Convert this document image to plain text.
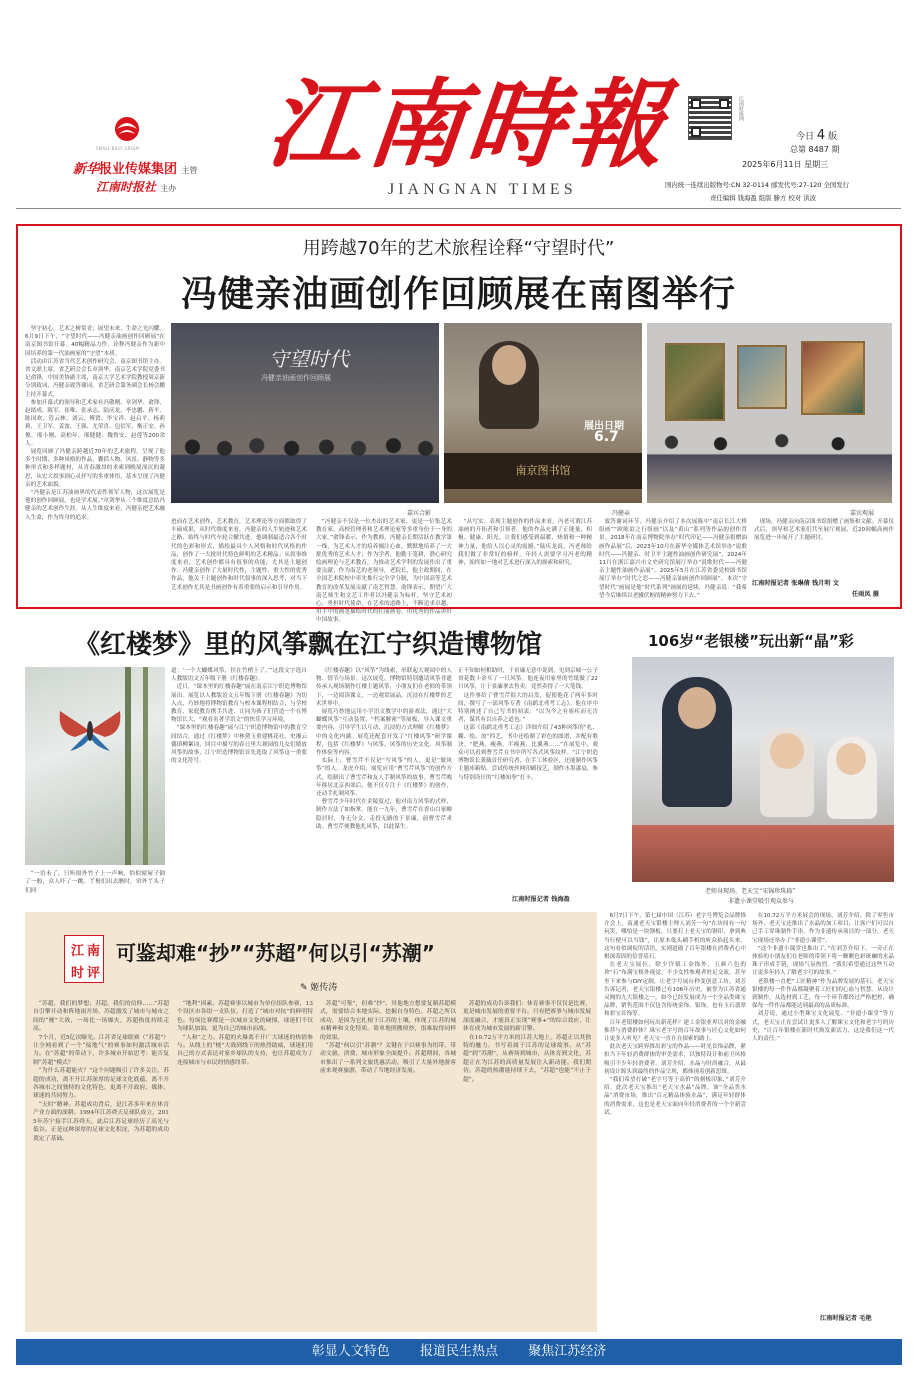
SMALL BILLY GROUP
新华报业传媒集团 主管
江南时报社 主办
江南時報
JIANGNAN TIMES
江南时报网
今日 4 版
总第 8487 期
2025年6月11日 星期三
国内统一连续出版物号:CN 32-0114 邮发代号:27-120 全国发行
责任编辑 钱海盈 组版 滕方 校对 洪波
用跨越70年的艺术旅程诠释“守望时代”
冯健亲油画创作回顾展在南图举行
守望时代
冯健亲油画创作回顾展
嘉宾合影
展出日期
6.7
南京图书馆
冯健亲	嘉宾观展

坚守初心，艺术之树常青；展望未来，生命之光闪耀。6月9日下午，“守望时代——冯健亲油画创作回顾展”在南京图书馆开幕。40幅精品力作，诠释冯健亲作为新中国培养的第一代油画家的“守望”本质。

活动由江苏省当代艺术创作研究会、南京图书馆主办。省文联主席，省艺研会会长章剑华，南京艺术学院党委书记俞锋，中国美协副主席，南京大学艺术学院教授周京新分别致词，冯健亲致答谢词。省艺研会第务副会长杨会鹏主持开幕式。

参加开幕式的领导和艺术家有冯敬刚、章剑华、俞锋、赵绪成、陈军、崔唯、张承志、陆庆龙、李忠鹏、蒋平、陈国欢、管云林、刘云、傅贤、毕宝祥、赵启平、杨莉莉、王卫军、姜波、王强、尤荣喜、包信军、衡正安、孙俊、邢小刚、高柏年、邢健健、魏鲁安、赵莲等200余人。

展览回顾了冯健亲跨越近70年的艺术旅程，呈现了他多个时期、多种风格的作品，囊括人物、风景、静物等多种形式和多样题材，从青春激昂的求索到晚境深沉的凝思，从宏大叙事到心灵抒写的多重体悟，基本呈现了冯健亲的艺术面貌。

“冯健亲是江苏油画界的代表性领军人物，这次展览是他的创作回顾展，也是学术展。”章剑华从三个维度总结冯健亲的艺术创作生涯。从人生维度来看，冯健亲把艺术融入生命，作为终身的追求。

进而在艺术创作，艺术教育，艺术理论等方面都取得了丰硕成果，从时代维度来看，冯健亲的人生轨迹和艺术之路，始终与时代车轮合辙共进，他调制最适合各个时代的色彩和形式，描绘最具个人风格和时代风格的作品，创作了一大批时代特色鲜明的艺术精品；从叙事维度来看，艺术创作都具有叙事的功能，尤其是主题创作。冯健亲创作了大量时代性，主题性，重大性的优秀作品，他关于主题创作和时代叙事的深入思考，对当下艺术创作尤其是书画创作有着重要的启示和引导作用。

“冯健亲不仅是一位杰出的艺术家，更是一位集艺术教育家、高校管理者和艺术理论家等多重身份于一身的大家。”俞锋表示，作为教师，冯健亲长期活跃在教学第一线，为艺术人才的培养倾注心血，默默地培养了一大批优秀的艺术人才；作为学者，他勤于笔耕，潜心研究绘画理论与艺术教育，为推动艺术学科的发展作出了重要贡献；作为南艺的老领导，老院长，他主政期间，在全国艺术院校中率先推行完全学分制，为中国高等艺术教育的改革发展贡献了南艺智慧。俞锋表示，期望广大南艺师生和文艺工作者以冯健亲为标杆，坚守艺术初心，勇担时代使命，在艺术的道路上，不断追求卓越，用手中的画笔描绘时代的壮丽画卷，用优秀的作品讲好中国故事。

“从写实、表现主题创作的作品来看，冯老可谓江苏油画的开拓者和引领者。他的作品充满了正能量，积极、健康、阳光，让我们感受到温暖、热情和一种精神力量，他给人以心灵的震撼。”陆庆龙说，冯老师给我们做了非常好的榜样，年轻人需要学习冯老的精神，始终如一地对艺术进行深入的探索和研究。

致答谢词环节，冯健亲介绍了本次展陈中“南京长江大桥组画”“欧陈谊之行组画”以及“黄山”系列等作品的创作背景。2018年在南京博物院举办“时代印记——冯健亲捐赠油画作品展”后，2023年10月在新华全媒体艺术馆举办“说歌时代——冯健亲、时卫平主题性油画创作研究展”，2024年11月在浙江嘉兴市文史研究馆展厅举办“说歌时代——冯健亲主题性油画作品展”，2025年5月在江苏省委党校图书馆展厅举办“时代之恋——冯健亲油画创作回顾展”。本次“守望时代”画展是他“时代系列”画展的延续，冯健亲说：“我希望今后继续以老骥伏枥的精神努力下去。”

现场，冯健亲向南京图书馆捐赠了画集和文献。开幕仪式后，领导和艺术家们共至展厅观展，近20间幅高画作展览进一步展开了主题研讨。

江南时报记者 张琳倩 钱月明 文
任雨凤 摄
《红楼梦》里的风筝飘在江宁织造博物馆
“一语未了，只听窗外竹子上一声响，恰似窗屉子倒了一般，众人吓了一跳。丫鬟们出去瞧时，帘外丫头子们回

道：‘一个大蝴蝶风筝，挂在竹梢上了。’”这段文字选自人教版语文五年级下册《红楼春趣》。

近日，“课本里的红楼春趣”展在南京江宁织造博物馆展出。展览以人教版语文五年级下册《红楼春趣》为切入点，巧妙地将博物馆教育与校本课程相结合，与学校教育、家庭教育携手共进，让同为孩子们营造一个在博物馆长大、“观看名著学语文”的快乐学习环境。

“课本里的红楼春趣”展与江宁织造博物馆中的教育空间结合，通过《红楼梦》中林黛玉重建桃花社、史湘云偶填柳絮词、回目中描写的春日里大观园的儿女们嬉放风筝的故事，江宁织造博物馆首先选取了风筝这一重要的文化符号。

《红楼春趣》以“风筝”为线索，串联起大观园中的人物、情节与场景。这次展览，博物馆特别邀请风筝非遗传承人现场制作红楼主题风筝，小朋友们在老师的带领下，一边阅读课文，一边观赏展品，沉浸在红楼梦的艺术世界中。

展览巧妙地运用小学语文教学中的游戏法，通过“大蝴蝶风筝”互动装置、“档案解密”等展板，导入课文重要内容，引导学生以互动、沉浸的方式理解《红楼梦》中的文化内涵。展览还配套开发了“红楼风筝”研学课程，包括《红楼梦》与风筝、风筝的历史文化、风筝制作体验等内容。

实际上，曹雪芹不仅是“写风筝”的人，更是“做风筝”的人。龙虎介绍，展览应用“曹雪芹风筝”的创作方式，绘制出了曹雪芹和友人手制风筝的故事。曹雪芹晚年移居北京西郊后，他不仅专注于《红楼梦》的创作，还动手扎制风筝。

曹雪芹少年时代在金陵度过，他对南方风筝的式样，制作方法了如指掌。能在一九年，曹雪芹在香山白家疃隐居时，身无分文，走投无路的于景廉，前曹雪芹求助。曹雪芹便教他扎风筝，以此谋生。

正不知如何相助时，于景廉无意中说到，见到京城一公子哥花数十金买了一只风筝。他连夜用家里的竹纸做了22只风筝，让于景廉拿去售卖，竟然卖得了一大笔钱。

这件事给了曹雪芹很大的启发，促使他花了两年多时间，撰写了一部风筝专著《南鹞北鸢考工志》。他在序中特别阐述了自己写书的初衷：“以为今之有废疾而无告者，谋其有以自养之道也。”

这部《南鹞北鸢考工志》详细介绍了43种风筝的“扎、糊、绘、放”四艺，书中还绘制了彩色的图谱，并配有歌诀。“肥燕、瘦燕、半瘦燕、比翼燕……”在展览中，观众可以看到曹雪芹在书中所写各式风筝纹样。“江宁织造博物馆长龚薇首任研究者，在手工体验区，还能制作风筝主题冰箱贴，尝试传统丝网印刷技艺，制作水墨漆扇，参与特别设计的“红楼知拳”打卡。

江南时报记者 钱海盈
106岁“老银楼”玩出新“晶”彩
老师身现场，老天宝“宋锦珍珠扁”
非遗小课堂吸引观众参与

6月7日下午，第七届中国（江苏）老字号博览会品牌推介会上，南通老天宝银楼主理人刘芳一句“在坊间有一句玩笑，哪怕是一块钢板，只要打上老天宝的钢印，拿到典当行便可以当钱”，让原本低头刷手机的听众抬起头来。这句看似调侃的话语，实则道破了百年银楼在消费者心中根深蒂固的信誉基石。

在老天宝展位，除少许镇工金饰外，五颜六色的珍“石”布满宝格外视觉。不少女性参观者驻足交流，甚至坐下来参与DIY定制，让老字号展台秒变创意工坊。刘芳告诉记者，老天宝银楼已有106年历史，被誉为江苏省通灵阁的九大银楼之一。如今已经发展成为一个全品类珠宝品牌，销售范围不仅包含传统金饰、银饰，也有玉石翡翠和彩宝首饰等。

百年老银楼如何玩出新花样？建工金银业界以对的金融推荐与消费群体？珠宝老字号的百年故事与匠心文化如何让更多人听见？老天宝一直在在探索的路上。

此次老天宝跨界推出彩宝的作品——时光首饰品牌，紧扣当下年轻消费群体的审美需求，以独特设计和前卫风格吸引不少年轻消费者。刘芳介绍，水晶与时尚融合，从最初设计源头到最终的作品呈现，都体现着创新思维。

“我们希望打破“老字号等于高价”的刻板印象，”刘芳介绍，此次老天宝推出“老天宝水晶”品牌，该“全品类水晶”消费市场，推出“百元精品体验水晶”，满足年轻群体的消费需求，这也是老天宝面向年轻消费者的一个全新尝试。

在10.72万平方米展会的现场，刘芳介绍，除了零售市场外，老天宝还推出了水晶的加工项目，让客户们可以自己手工穿珠制作手串。作为非遗传承项目的一部分，老天宝现场还举办了“非遗小课堂”。

“这个非遗小课堂也推出了。”在刘芳介绍下，一旁正在体验的小朋友们在老师的带领下将一颗颗色彩斑斓的水晶珠子串成手链，现场气氛热烈。“我们希望通过这些互动让更多年轻人了解老字号的故事。”

老银楼一直把“工匠精神”作为品牌发展的基石。老天宝银楼的每一件作品都凝聚着工匠们的心血与智慧。从设计到制作，从选材到工艺，每一个环节都经过严格把控，确保每一件作品都能达到最高的品质标准。

刘芳说，通过小型珠宝文化展览、“非遗小课堂”等方式，老天宝正在尝试让更多人了解珠宝文化和老字号的历史，“让百年银楼在新时代焕发新活力，这是我们这一代人的责任。”

江南时报记者 毛艳
江 南
时 评
可鉴却难“抄”“苏超”何以引“苏潮”
✎ 姬传涛

“苏超，我们的梦想；苏超，我们的信仰……”苏超自引擎开动和阵地雨开场，苏超激发了城市与城市之间的“梗”大战，一场比一场爆火，苏超热度持续走高。

7个月，近5亿次曝光。江苏省足球联赛（“苏超”）让全网看到了一个“接地气”的赛事如何激活城市活力。在“苏超”的带动下，许多城市开始思考：能否复制“苏超”模式？

“为什么苏超能火？”这个问题吸引了许多关注。苏超的成功，离不开江苏深厚的足球文化底蕴，离不开各城市之间独特的文化特色，更离不开政府、媒体、球迷的共同努力。

“天时”精神。苏超成功背后，是江苏多年来在体育产业方面的深耕。1994年江苏舜天足球队成立，2015年苏宁接手江苏舜天，此后江苏足球经历了高光与低谷。正是这种深厚的足球文化积淀，为苏超的成功奠定了基础。

“地利”因素。苏超赛事以城市为单位组队参赛，13个设区市各组一支队伍，打造了“城市对抗”的鲜明特色。每场比赛都是一次城市文化的碰撞，球迷们不仅为球队加油，更为自己的城市而战。

“人和”之力。苏超的火爆离不开广大球迷的热情参与。从线上的“梗”大战到线下的热烈助威，球迷们用自己的方式表达对家乡球队的支持，也让苏超成为了连接城市与市民的情感纽带。

苏超“可鉴”，但难“抄”。其他地方想要复制苏超模式，需要结合本地实际，挖掘自身特色。苏超之所以成功，是因为它扎根于江苏的土壤，体现了江苏的城市精神和文化特质。简单地照搬照抄，很难取得同样的效果。

“苏超”何以引“苏潮”？关键在于以赛事为纽带，带动文旅、消费、城市形象全面提升。苏超期间，各城市推出了一系列文旅优惠活动，吸引了大量外地游客前来观赛旅游，带动了当地经济发展。

苏超的成功告诉我们：体育赛事不仅仅是比赛，更是城市发展的重要平台。只有把赛事与城市发展深度融合，才能真正实现“赛事+”的综合效应，让体育成为城市发展的新引擎。

在10.72万平方米的江苏大地上，苏超正以其独特的魅力，书写着属于江苏的足球故事。从“苏超”到“苏潮”，从赛场到城市，从体育到文化，苏超正在为江苏的高质量发展注入新动能。我们期待，苏超的热潮能持续下去，“苏超”也能“不止于超”。

彰显人文特色 报道民生热点 聚焦江苏经济
